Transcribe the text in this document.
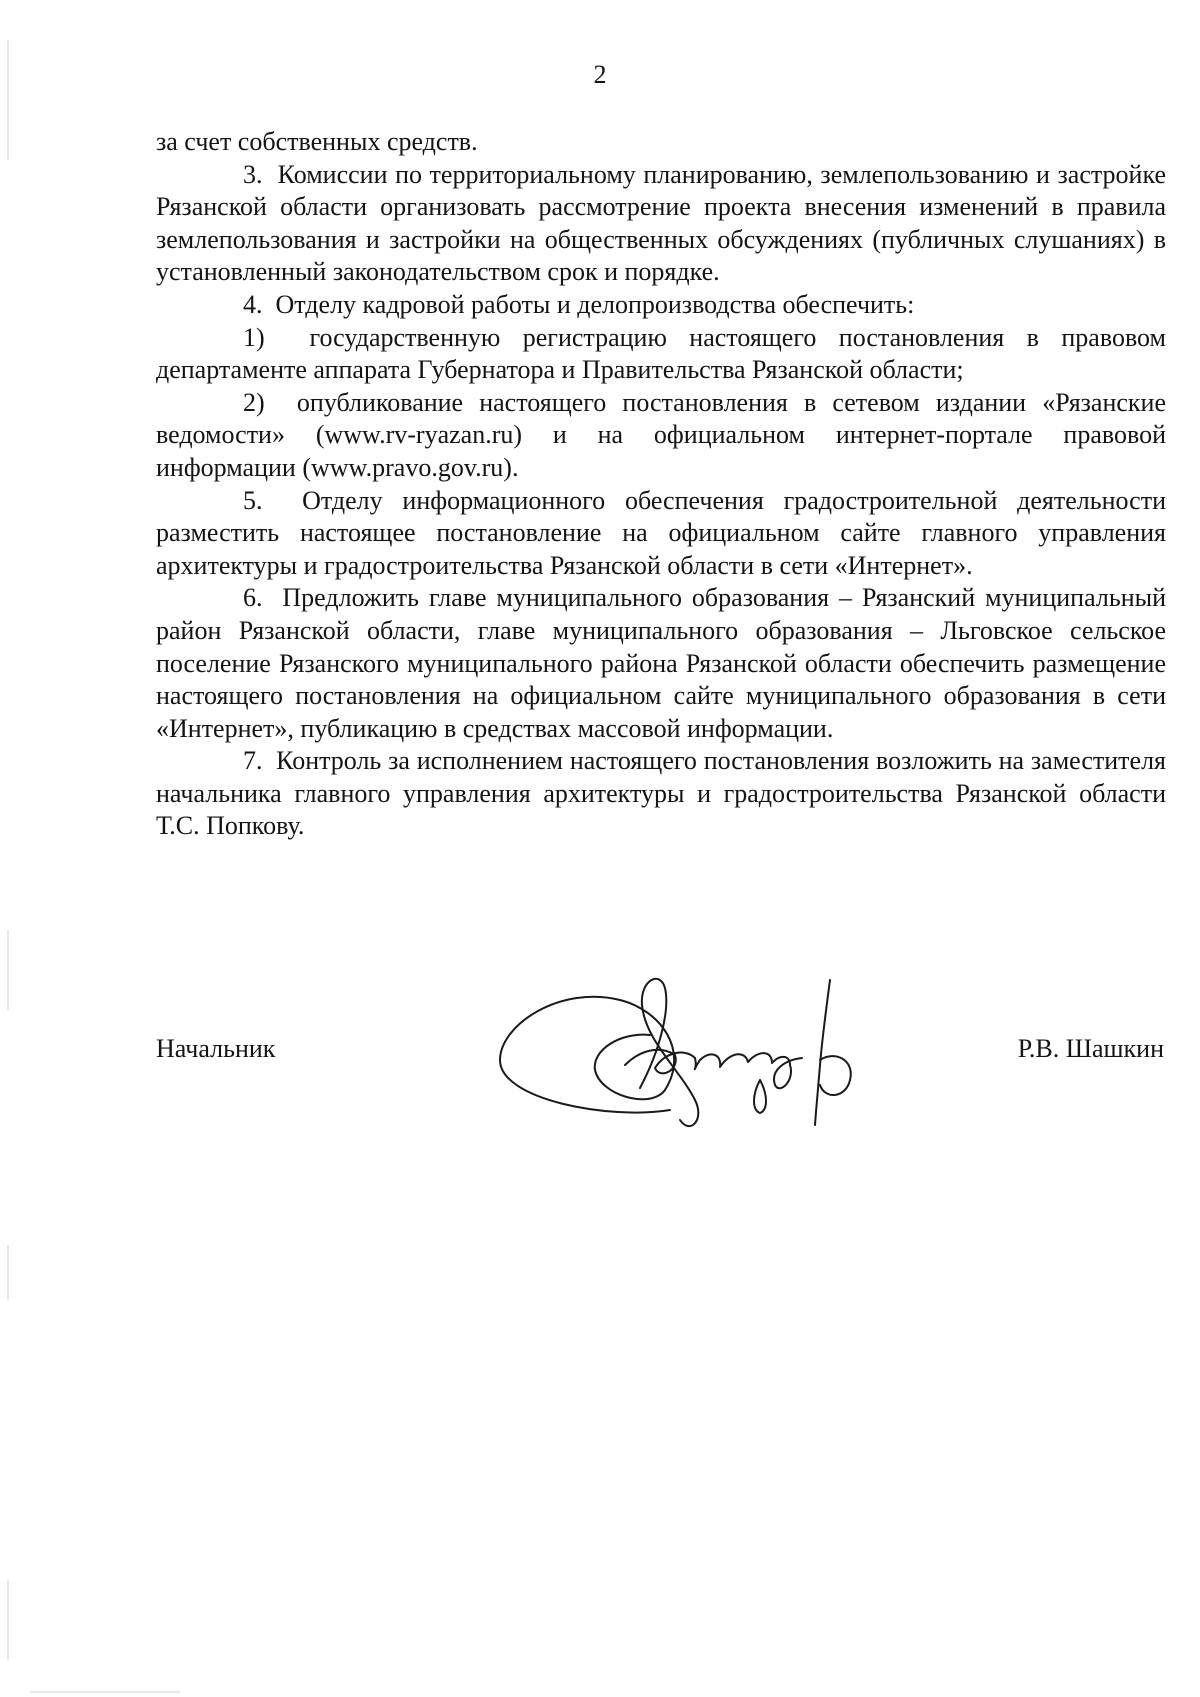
2

за счет собственных средств.

3.  Комиссии по территориальному планированию, землепользованию и застройке Рязанской области организовать рассмотрение проекта внесения изменений в правила землепользования и застройки на общественных обсуждениях (публичных слушаниях) в установленный законодательством срок и порядке.

4.  Отделу кадровой работы и делопроизводства обеспечить:

1)  государственную регистрацию настоящего постановления в правовом департаменте аппарата Губернатора и Правительства Рязанской области;

2)  опубликование настоящего постановления в сетевом издании «Рязанские ведомости» (www.rv-ryazan.ru) и на официальном интернет-портале правовой информации (www.pravo.gov.ru).

5.  Отделу информационного обеспечения градостроительной деятельности разместить настоящее постановление на официальном сайте главного управления архитектуры и градостроительства Рязанской области в сети «Интернет».

6.  Предложить главе муниципального образования – Рязанский муниципальный район Рязанской области, главе муниципального образования – Льговское сельское поселение Рязанского муниципального района Рязанской области обеспечить размещение настоящего постановления на официальном сайте муниципального образования в сети «Интернет», публикацию в средствах массовой информации.

7.  Контроль за исполнением настоящего постановления возложить на заместителя начальника главного управления архитектуры и градостроительства Рязанской области Т.С. Попкову.

Начальник	Р.В. Шашкин
